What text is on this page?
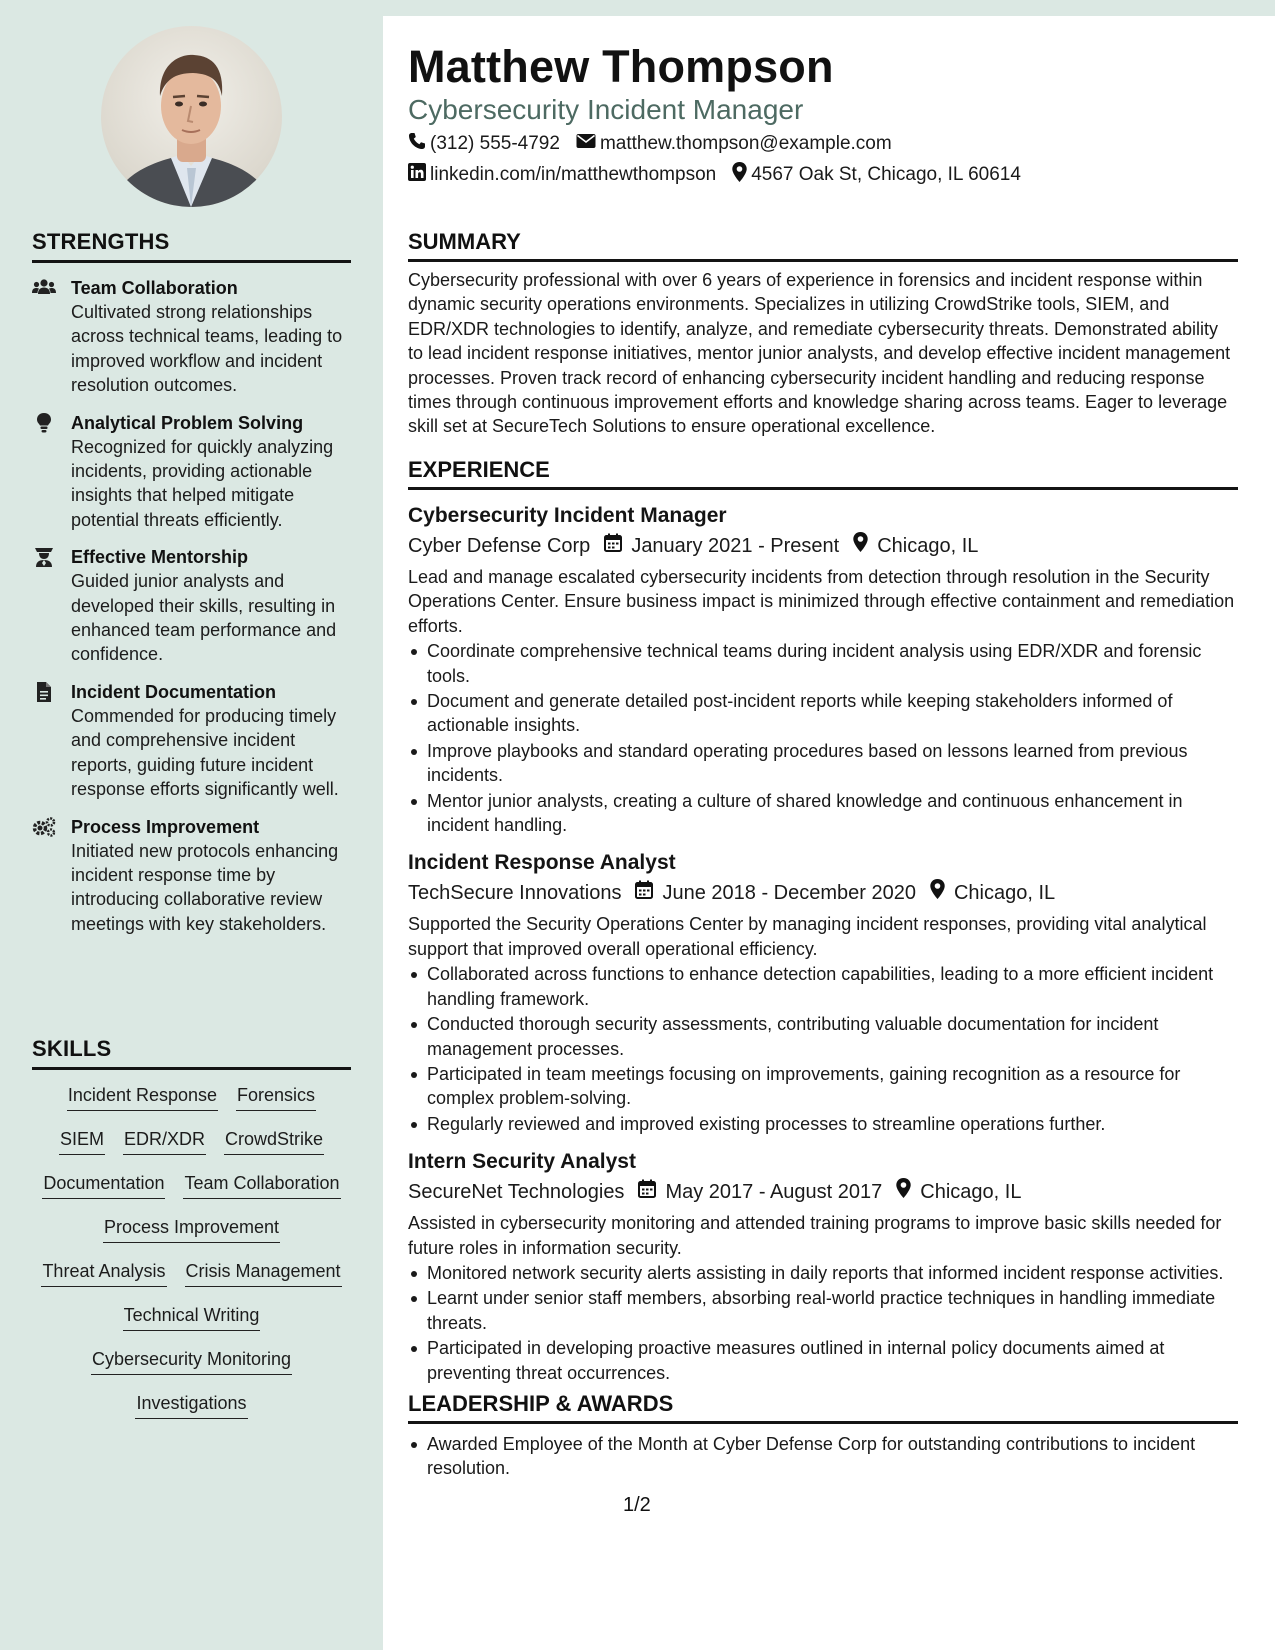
STRENGTHS
Team Collaboration
Cultivated strong relationships across technical teams, leading to improved workflow and incident resolution outcomes.
Analytical Problem Solving
Recognized for quickly analyzing incidents, providing actionable insights that helped mitigate potential threats efficiently.
Effective Mentorship
Guided junior analysts and developed their skills, resulting in enhanced team performance and confidence.
Incident Documentation
Commended for producing timely and comprehensive incident reports, guiding future incident response efforts significantly well.
Process Improvement
Initiated new protocols enhancing incident response time by introducing collaborative review meetings with key stakeholders.
SKILLS
Incident Response Forensics
SIEM EDR/XDR CrowdStrike
Documentation Team Collaboration
Process Improvement
Threat Analysis Crisis Management
Technical Writing
Cybersecurity Monitoring
Investigations
Matthew Thompson
Cybersecurity Incident Manager
(312) 555-4792 matthew.thompson@example.com
linkedin.com/in/matthewthompson 4567 Oak St, Chicago, IL 60614
SUMMARY
Cybersecurity professional with over 6 years of experience in forensics and incident response within dynamic security operations environments. Specializes in utilizing CrowdStrike tools, SIEM, and EDR/XDR technologies to identify, analyze, and remediate cybersecurity threats. Demonstrated ability to lead incident response initiatives, mentor junior analysts, and develop effective incident management processes. Proven track record of enhancing cybersecurity incident handling and reducing response times through continuous improvement efforts and knowledge sharing across teams. Eager to leverage skill set at SecureTech Solutions to ensure operational excellence.
EXPERIENCE
Cybersecurity Incident Manager
Cyber Defense Corp January 2021 - Present Chicago, IL
Lead and manage escalated cybersecurity incidents from detection through resolution in the Security Operations Center. Ensure business impact is minimized through effective containment and remediation efforts.
Coordinate comprehensive technical teams during incident analysis using EDR/XDR and forensic tools.
Document and generate detailed post-incident reports while keeping stakeholders informed of actionable insights.
Improve playbooks and standard operating procedures based on lessons learned from previous incidents.
Mentor junior analysts, creating a culture of shared knowledge and continuous enhancement in incident handling.
Incident Response Analyst
TechSecure Innovations June 2018 - December 2020 Chicago, IL
Supported the Security Operations Center by managing incident responses, providing vital analytical support that improved overall operational efficiency.
Collaborated across functions to enhance detection capabilities, leading to a more efficient incident handling framework.
Conducted thorough security assessments, contributing valuable documentation for incident management processes.
Participated in team meetings focusing on improvements, gaining recognition as a resource for complex problem-solving.
Regularly reviewed and improved existing processes to streamline operations further.
Intern Security Analyst
SecureNet Technologies May 2017 - August 2017 Chicago, IL
Assisted in cybersecurity monitoring and attended training programs to improve basic skills needed for future roles in information security.
Monitored network security alerts assisting in daily reports that informed incident response activities.
Learnt under senior staff members, absorbing real-world practice techniques in handling immediate threats.
Participated in developing proactive measures outlined in internal policy documents aimed at preventing threat occurrences.
LEADERSHIP & AWARDS
Awarded Employee of the Month at Cyber Defense Corp for outstanding contributions to incident resolution.
1/2
